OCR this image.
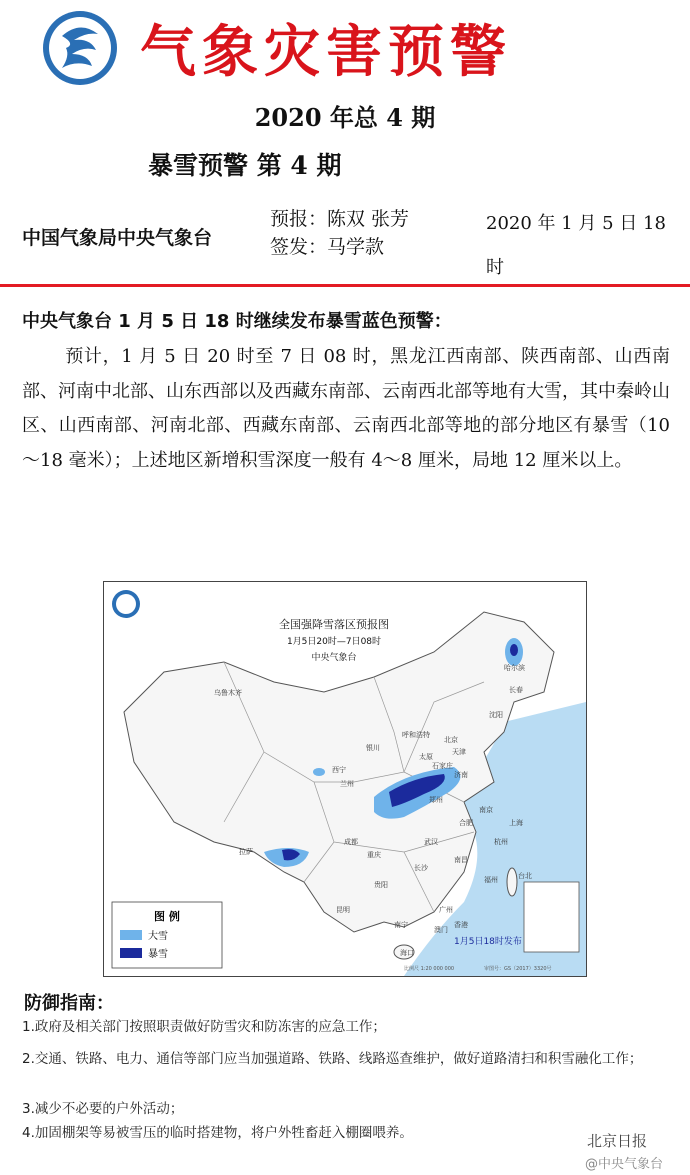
气象灾害预警
2020 年总 4 期
暴雪预警 第 4 期
中国气象局中央气象台
预报：陈双 张芳
签发：马学款
2020 年 1 月 5 日 18 时
中央气象台 1 月 5 日 18 时继续发布暴雪蓝色预警：
预计，1 月 5 日 20 时至 7 日 08 时，黑龙江西南部、陕西南部、山西南部、河南中北部、山东西部以及西藏东南部、云南西北部等地有大雪，其中秦岭山区、山西南部、河南北部、西藏东南部、云南西北部等地的部分地区有暴雪（10～18 毫米）；上述地区新增积雪深度一般有 4～8 厘米，局地 12 厘米以上。
全国强降雪落区预报图
1月5日20时—7日08时
中央气象台
乌鲁木齐
哈尔滨
长春
沈阳
呼和浩特
北京
天津
太原
石家庄
银川
济南
西宁
兰州
郑州
合肥
南京
上海
拉萨
成都	武汉	杭州
重庆
长沙
南昌
福州
贵阳
昆明	广州
南宁
台北
香港
澳门
海口
图 例
大雪
暴雪
1月5日18时发布
比例尺 1:20 000 000	审图号：GS（2017）3320号
防御指南：
1.政府及相关部门按照职责做好防雪灾和防冻害的应急工作；
2.交通、铁路、电力、通信等部门应当加强道路、铁路、线路巡查维护，做好道路清扫和积雪融化工作；
3.减少不必要的户外活动；
4.加固棚架等易被雪压的临时搭建物，将户外牲畜赶入棚圈喂养。	北京日报
@中央气象台
